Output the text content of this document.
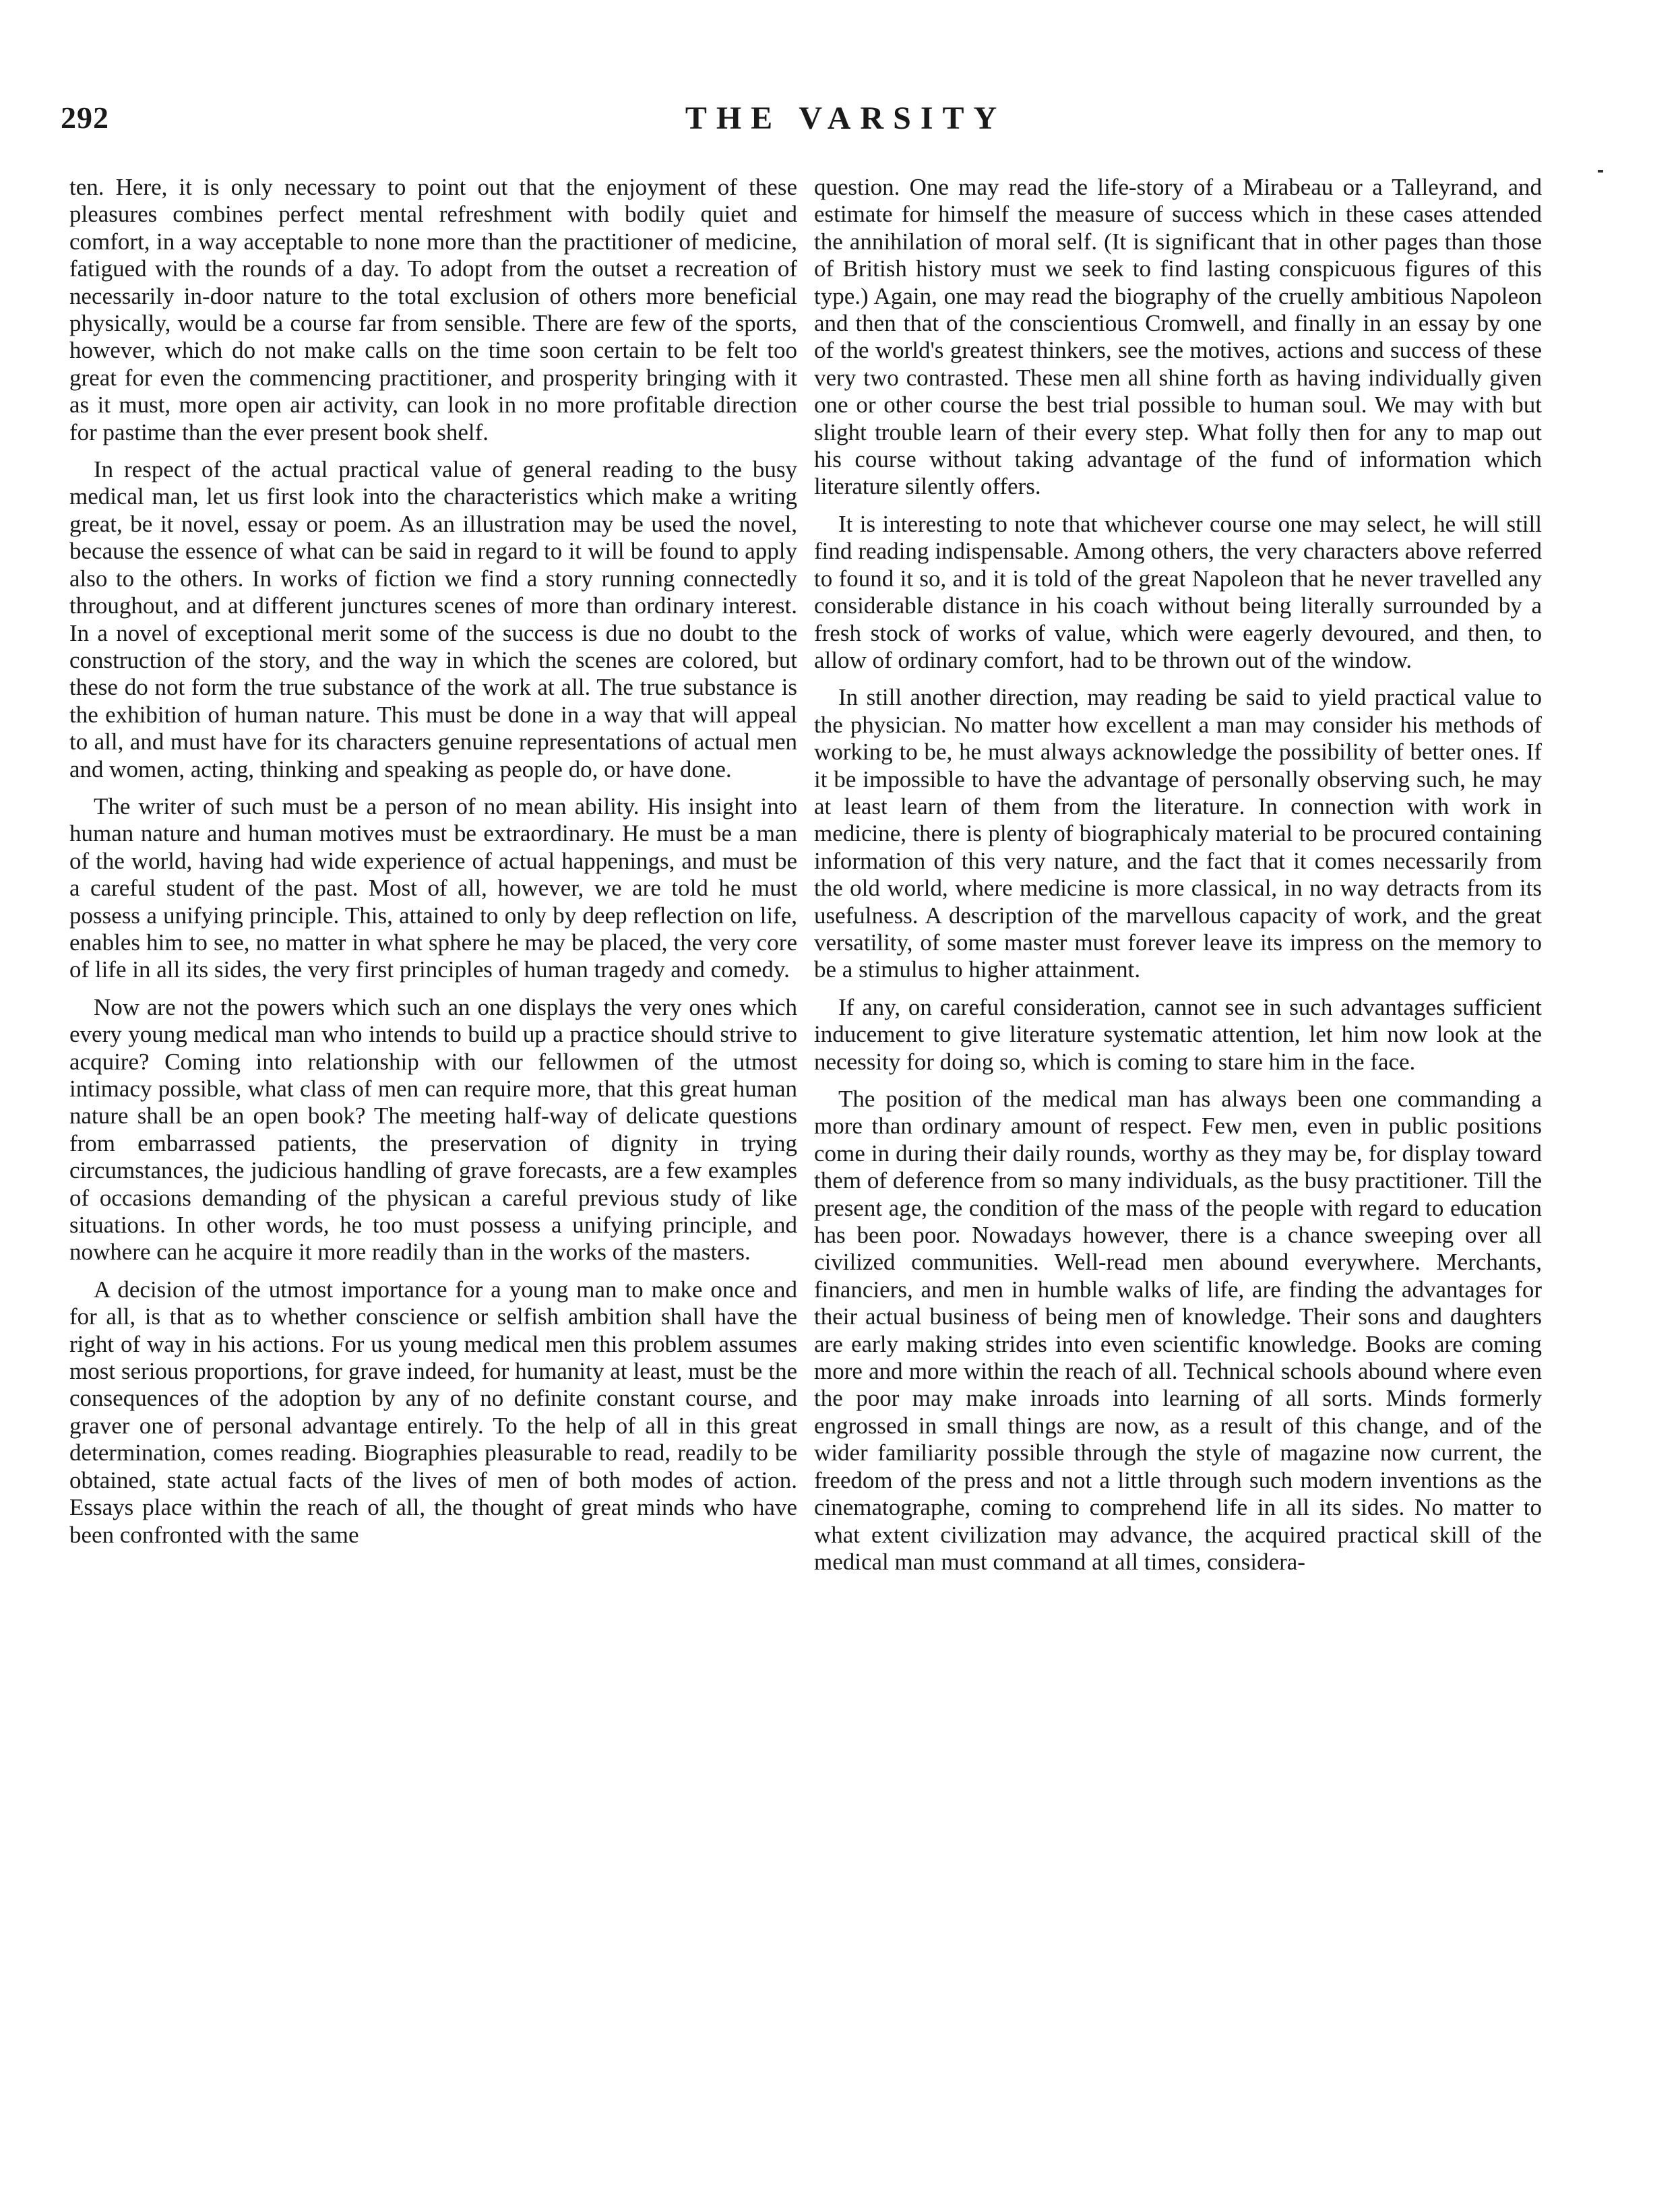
292	THE VARSITY

ten. Here, it is only necessary to point out that the enjoyment of these pleasures combines perfect mental refreshment with bodily quiet and comfort, in a way acceptable to none more than the practitioner of medicine, fatigued with the rounds of a day. To adopt from the outset a recreation of necessarily in-door nature to the total exclusion of others more beneficial physically, would be a course far from sensible. There are few of the sports, however, which do not make calls on the time soon certain to be felt too great for even the commencing practitioner, and prosperity bringing with it as it must, more open air activity, can look in no more profitable direction for pastime than the ever present book shelf.

In respect of the actual practical value of general reading to the busy medical man, let us first look into the characteristics which make a writing great, be it novel, essay or poem. As an illustration may be used the novel, because the essence of what can be said in regard to it will be found to apply also to the others. In works of fiction we find a story running connectedly throughout, and at different junctures scenes of more than ordinary interest. In a novel of exceptional merit some of the success is due no doubt to the construction of the story, and the way in which the scenes are colored, but these do not form the true substance of the work at all. The true substance is the exhibition of human nature. This must be done in a way that will appeal to all, and must have for its characters genuine representations of actual men and women, acting, thinking and speaking as people do, or have done.

The writer of such must be a person of no mean ability. His insight into human nature and human motives must be extraordinary. He must be a man of the world, having had wide experience of actual happenings, and must be a careful student of the past. Most of all, however, we are told he must possess a unifying principle. This, attained to only by deep reflection on life, enables him to see, no matter in what sphere he may be placed, the very core of life in all its sides, the very first principles of human tragedy and comedy.

Now are not the powers which such an one displays the very ones which every young medical man who intends to build up a practice should strive to acquire? Coming into relationship with our fellowmen of the utmost intimacy possible, what class of men can require more, that this great human nature shall be an open book? The meeting half-way of delicate questions from embarrassed patients, the preservation of dignity in trying circumstances, the judicious handling of grave forecasts, are a few examples of occasions demanding of the physican a careful previous study of like situations. In other words, he too must possess a unifying principle, and nowhere can he acquire it more readily than in the works of the masters.

A decision of the utmost importance for a young man to make once and for all, is that as to whether conscience or selfish ambition shall have the right of way in his actions. For us young medical men this problem assumes most serious proportions, for grave indeed, for humanity at least, must be the consequences of the adoption by any of no definite constant course, and graver one of personal advantage entirely. To the help of all in this great determination, comes reading. Biographies pleasurable to read, readily to be obtained, state actual facts of the lives of men of both modes of action. Essays place within the reach of all, the thought of great minds who have been confronted with the same

question. One may read the life-story of a Mirabeau or a Talleyrand, and estimate for himself the measure of success which in these cases attended the annihilation of moral self. (It is significant that in other pages than those of British history must we seek to find lasting conspicuous figures of this type.) Again, one may read the biography of the cruelly ambitious Napoleon and then that of the conscientious Cromwell, and finally in an essay by one of the world's greatest thinkers, see the motives, actions and success of these very two contrasted. These men all shine forth as having individually given one or other course the best trial possible to human soul. We may with but slight trouble learn of their every step. What folly then for any to map out his course without taking advantage of the fund of information which literature silently offers.

It is interesting to note that whichever course one may select, he will still find reading indispensable. Among others, the very characters above referred to found it so, and it is told of the great Napoleon that he never travelled any considerable distance in his coach without being literally surrounded by a fresh stock of works of value, which were eagerly devoured, and then, to allow of ordinary comfort, had to be thrown out of the window.

In still another direction, may reading be said to yield practical value to the physician. No matter how excellent a man may consider his methods of working to be, he must always acknowledge the possibility of better ones. If it be impossible to have the advantage of personally observing such, he may at least learn of them from the literature. In connection with work in medicine, there is plenty of biographicaly material to be procured containing information of this very nature, and the fact that it comes necessarily from the old world, where medicine is more classical, in no way detracts from its usefulness. A description of the marvellous capacity of work, and the great versatility, of some master must forever leave its impress on the memory to be a stimulus to higher attainment.

If any, on careful consideration, cannot see in such advantages sufficient inducement to give literature systematic attention, let him now look at the necessity for doing so, which is coming to stare him in the face.

The position of the medical man has always been one commanding a more than ordinary amount of respect. Few men, even in public positions come in during their daily rounds, worthy as they may be, for display toward them of deference from so many individuals, as the busy practitioner. Till the present age, the condition of the mass of the people with regard to education has been poor. Nowadays however, there is a chance sweeping over all civilized communities. Well-read men abound everywhere. Merchants, financiers, and men in humble walks of life, are finding the advantages for their actual business of being men of knowledge. Their sons and daughters are early making strides into even scientific knowledge. Books are coming more and more within the reach of all. Technical schools abound where even the poor may make inroads into learning of all sorts. Minds formerly engrossed in small things are now, as a result of this change, and of the wider familiarity possible through the style of magazine now current, the freedom of the press and not a little through such modern inventions as the cinematographe, coming to comprehend life in all its sides. No matter to what extent civilization may advance, the acquired practical skill of the medical man must command at all times, considera-
